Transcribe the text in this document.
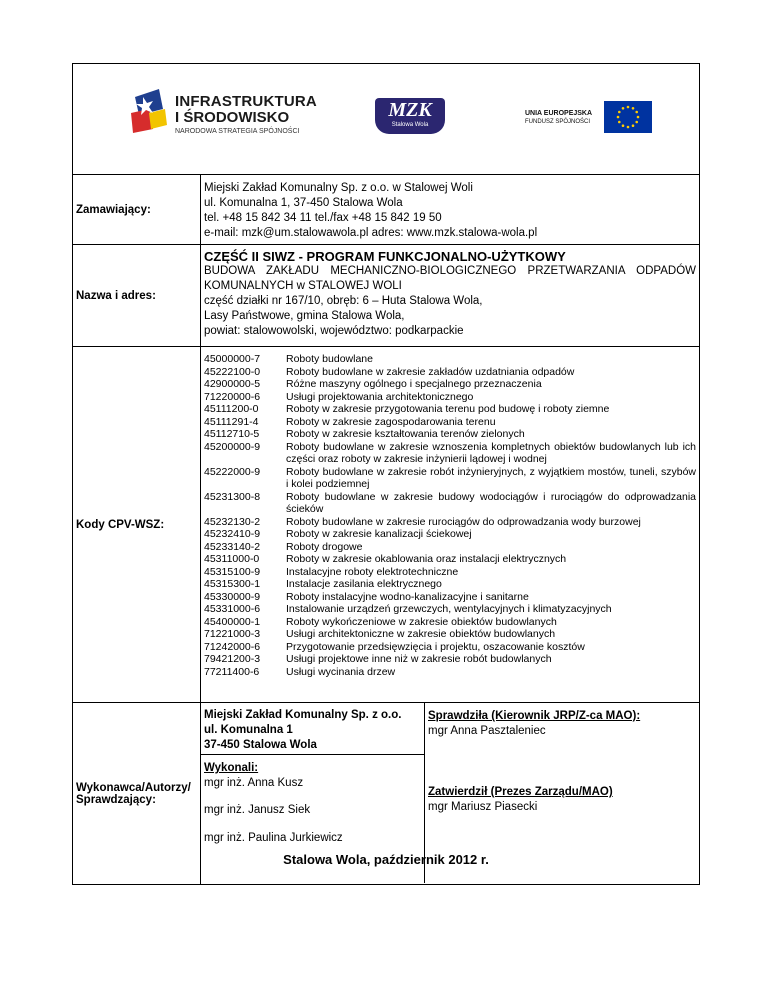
INFRASTRUKTURA
I ŚRODOWISKO
NARODOWA STRATEGIA SPÓJNOŚCI
MZK
Stalowa Wola
UNIA EUROPEJSKA
FUNDUSZ SPÓJNOŚCI
Zamawiający:
Miejski Zakład Komunalny Sp. z o.o. w Stalowej Woli
ul. Komunalna 1, 37-450 Stalowa Wola
tel. +48 15 842 34 11 tel./fax +48 15 842 19 50
e-mail: mzk@um.stalowawola.pl adres: www.mzk.stalowa-wola.pl
Nazwa i adres:
CZĘŚĆ II SIWZ - PROGRAM FUNKCJONALNO-UŻYTKOWY
BUDOWA ZAKŁADU MECHANICZNO-BIOLOGICZNEGO PRZETWARZANIA ODPADÓW
KOMUNALNYCH w STALOWEJ WOLI
część działki nr 167/10, obręb: 6 – Huta Stalowa Wola,
Lasy Państwowe, gmina Stalowa Wola,
powiat: stalowowolski, województwo: podkarpackie
Kody CPV-WSZ:
45000000-7	Roboty budowlane
45222100-0	Roboty budowlane w zakresie zakładów uzdatniania odpadów
42900000-5	Różne maszyny ogólnego i specjalnego przeznaczenia
71220000-6	Usługi projektowania architektonicznego
45111200-0	Roboty w zakresie przygotowania terenu pod budowę i roboty ziemne
45111291-4	Roboty w zakresie zagospodarowania terenu
45112710-5	Roboty w zakresie kształtowania terenów zielonych
45200000-9	Roboty budowlane w zakresie wznoszenia kompletnych obiektów budowlanych lub ich części oraz roboty w zakresie inżynierii lądowej i wodnej
45222000-9	Roboty budowlane w zakresie robót inżynieryjnych, z wyjątkiem mostów, tuneli, szybów i kolei podziemnej
45231300-8	Roboty budowlane w zakresie budowy wodociągów i rurociągów do odprowadzania ścieków
45232130-2	Roboty budowlane w zakresie rurociągów do odprowadzania wody burzowej
45232410-9	Roboty w zakresie kanalizacji ściekowej
45233140-2	Roboty drogowe
45311000-0	Roboty w zakresie okablowania oraz instalacji elektrycznych
45315100-9	Instalacyjne roboty elektrotechniczne
45315300-1	Instalacje zasilania elektrycznego
45330000-9	Roboty instalacyjne wodno-kanalizacyjne i sanitarne
45331000-6	Instalowanie urządzeń grzewczych, wentylacyjnych i klimatyzacyjnych
45400000-1	Roboty wykończeniowe w zakresie obiektów budowlanych
71221000-3	Usługi architektoniczne w zakresie obiektów budowlanych
71242000-6	Przygotowanie przedsięwzięcia i projektu, oszacowanie kosztów
79421200-3	Usługi projektowe inne niż w zakresie robót budowlanych
77211400-6	Usługi wycinania drzew
Wykonawca/Autorzy/
Sprawdzający:
Miejski Zakład Komunalny Sp. z o.o.
ul. Komunalna 1
37-450 Stalowa Wola
Wykonali:
mgr inż. Anna Kusz
mgr inż. Janusz Siek
mgr inż. Paulina Jurkiewicz
Sprawdziła (Kierownik JRP/Z-ca MAO):
mgr Anna Pasztaleniec
Zatwierdził (Prezes Zarządu/MAO)
mgr Mariusz Piasecki
Stalowa Wola, październik 2012 r.
